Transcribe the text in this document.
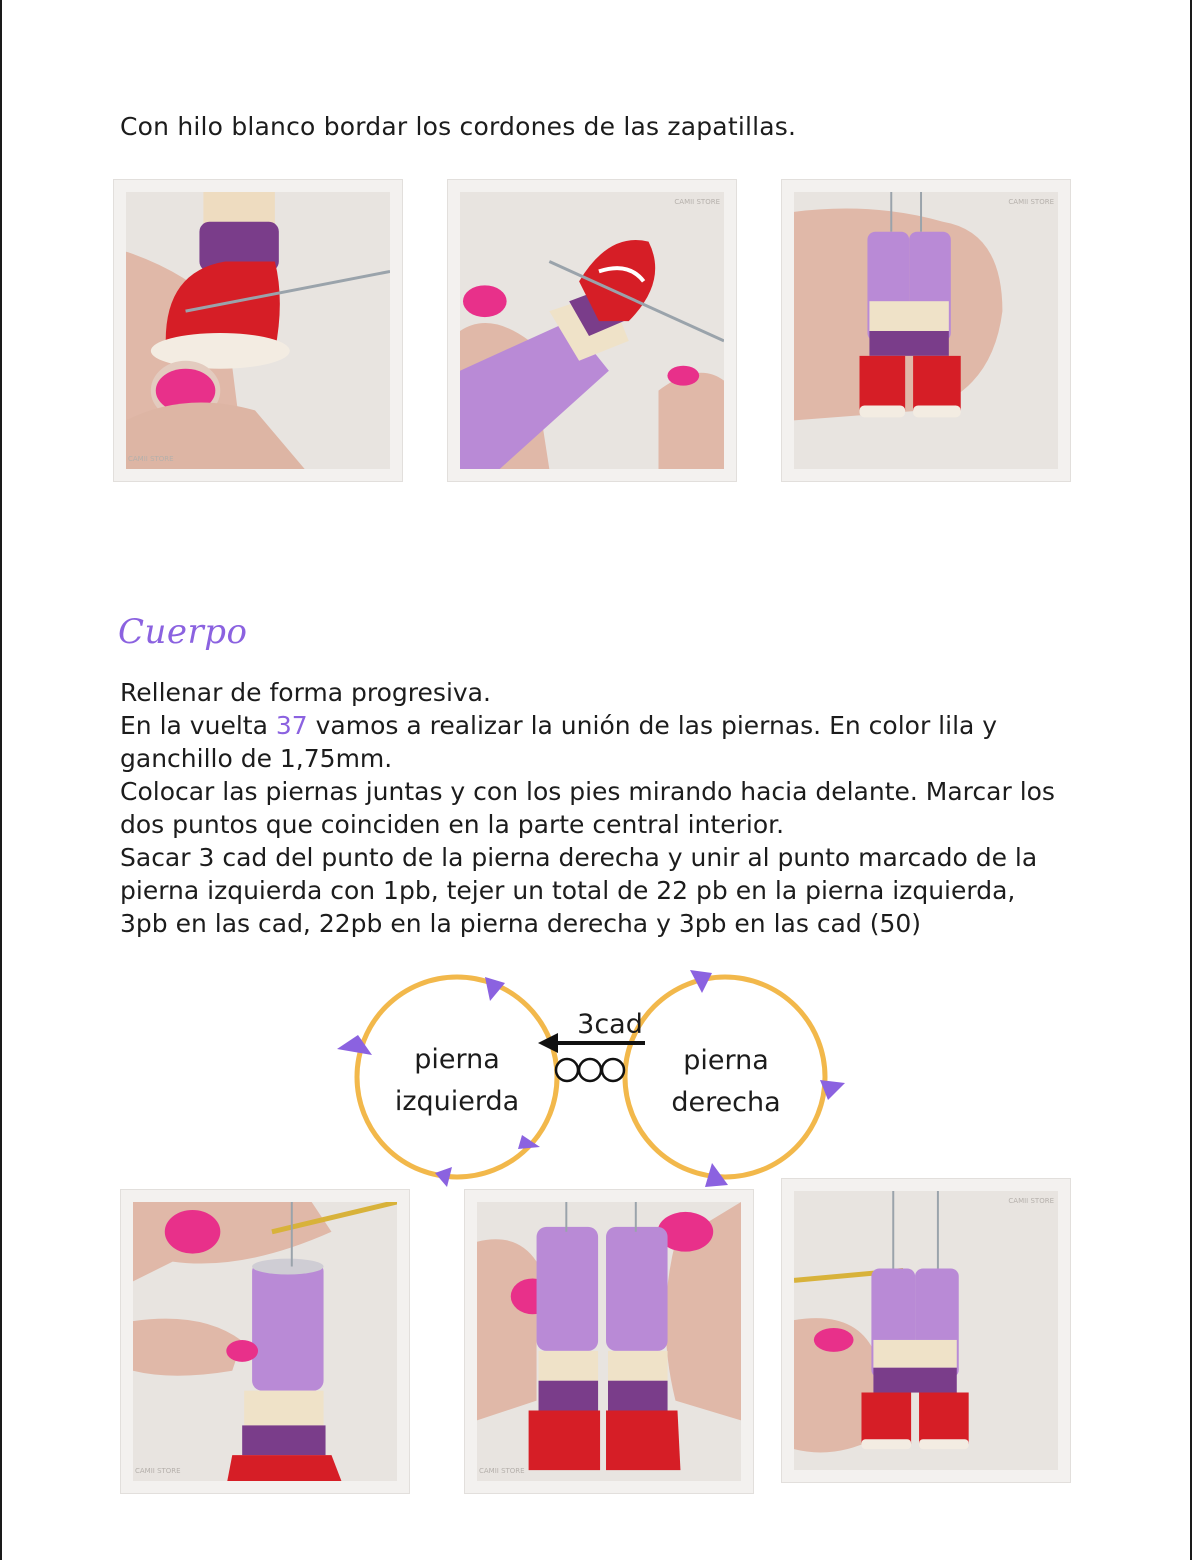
Con hilo blanco bordar los cordones de las zapatillas.

CAMII STORE
CAMII STORE	CAMII STORE
Cuerpo

Rellenar de forma progresiva.

En la vuelta 37 vamos a realizar la unión de las piernas. En color lila y ganchillo de 1,75mm.

Colocar las piernas juntas y con los pies mirando hacia delante. Marcar los dos puntos que coinciden en la parte central interior.

Sacar 3 cad del punto de la pierna derecha y unir al punto marcado de la pierna izquierda con 1pb, tejer un total de 22 pb en la pierna izquierda, 3pb en las cad, 22pb en la pierna derecha y 3pb en las cad (50)

3cad
pierna
izquierda
pierna
derecha
CAMII STORE	CAMII STORE
CAMII STORE
